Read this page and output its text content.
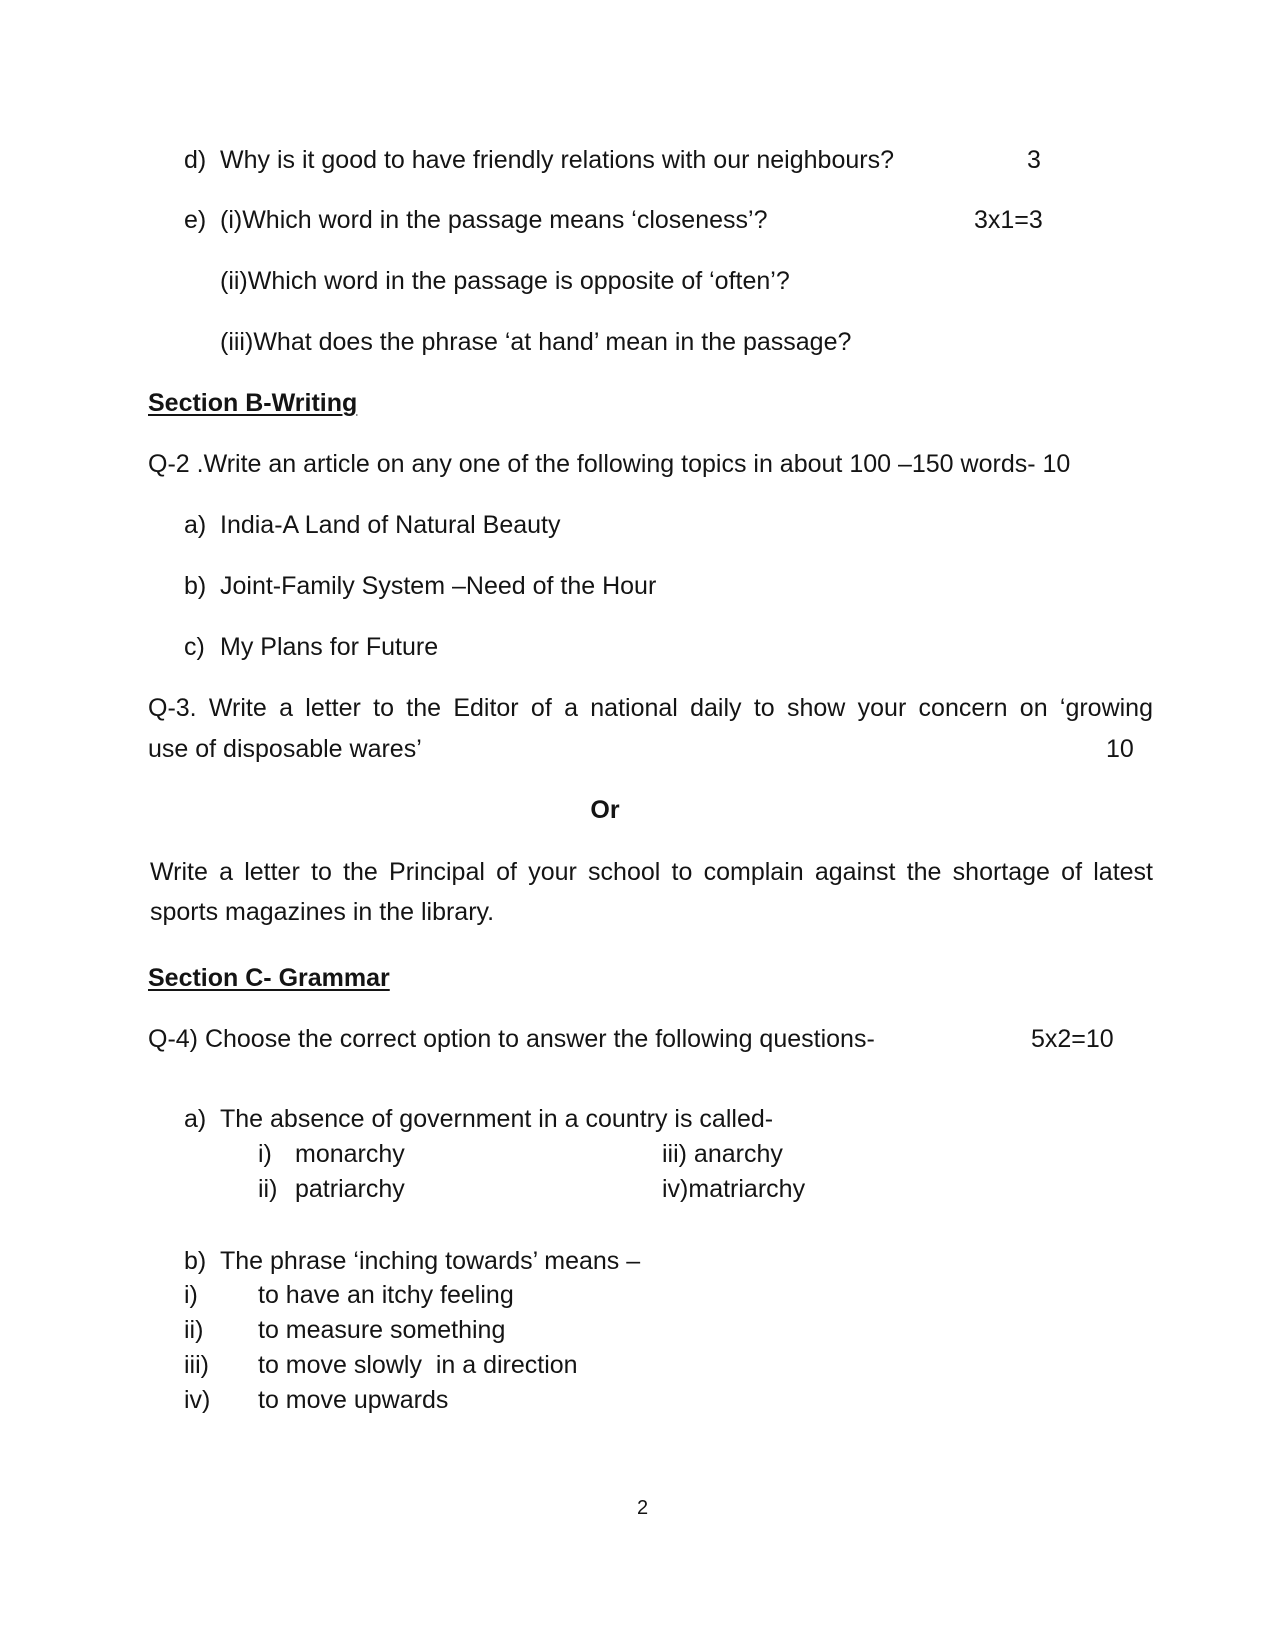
d) Why is it good to have friendly relations with our neighbours?	3
e) (i)Which word in the passage means ‘closeness’?	3x1=3
(ii)Which word in the passage is opposite of ‘often’?
(iii)What does the phrase ‘at hand’ mean in the passage?
Section B-Writing
Q-2 .Write an article on any one of the following topics in about 100 –150 words- 10
a) India-A Land of Natural Beauty
b) Joint-Family System –Need of the Hour
c) My Plans for Future
Q-3. Write a letter to the Editor of a national daily to show your concern on ‘growing
use of disposable wares’	10
Or
Write a letter to the Principal of your school to complain against the shortage of latest sports magazines in the library.
Section C- Grammar
Q-4) Choose the correct option to answer the following questions-	5x2=10
a) The absence of government in a country is called-
i) monarchy	iii) anarchy
ii) patriarchy	iv)matriarchy
b) The phrase ‘inching towards’ means –
i) to have an itchy feeling
ii) to measure something
iii) to move slowly  in a direction
iv) to move upwards
2
